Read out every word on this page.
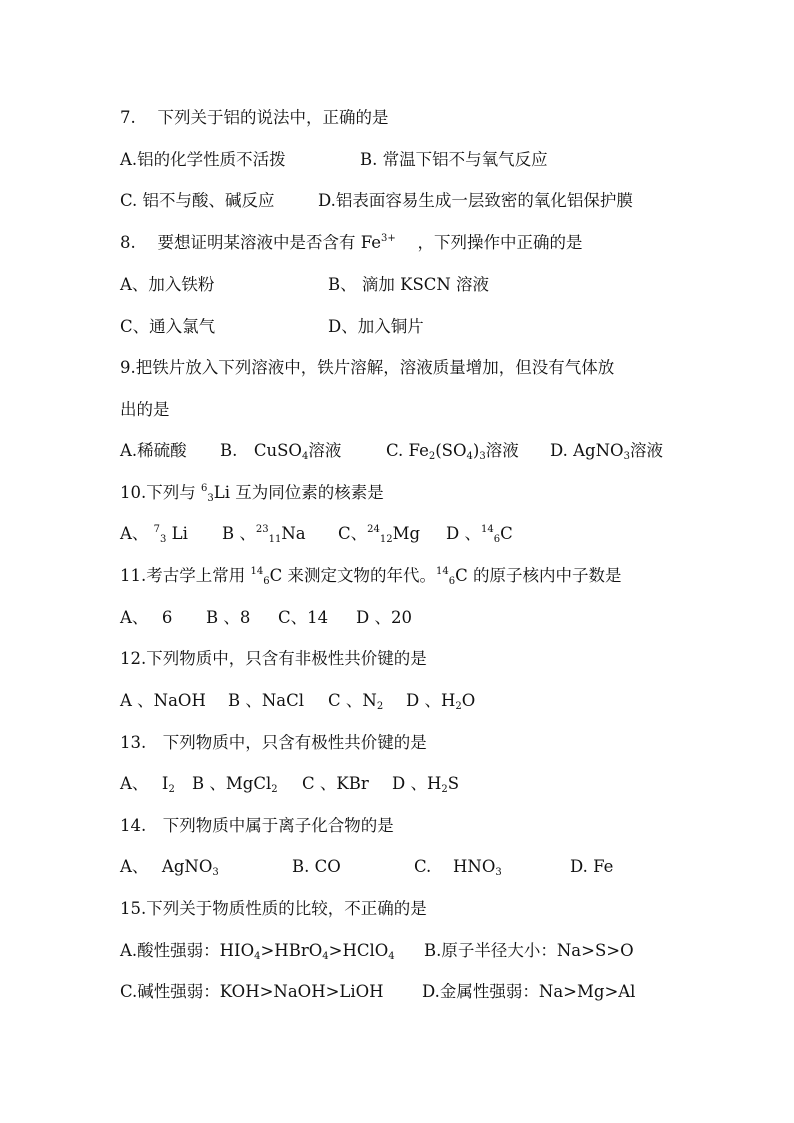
7.　 下列关于铝的说法中，正确的是
A.铝的化学性质不活拨	B. 常温下铝不与氧气反应
C. 铝不与酸、碱反应	D.铝表面容易生成一层致密的氧化铝保护膜
8.　 要想证明某溶液中是否含有 $Fe^{3+}$ 　，下列操作中正确的是
A、加入铁粉	B、 滴加 KSCN 溶液
C、通入氯气	D、加入铜片
9.把铁片放入下列溶液中，铁片溶解，溶液质量增加，但没有气体放
出的是
A.稀硫酸 B.　CuSO$_4$溶液	C. $Fe_2(SO_4)_3$溶液 D. AgNO$_3$溶液
10.下列与 $^6_3$Li 互为同位素的核素是
A、 $^7_3$ Li B 、$^{23}_{11}$Na C、$^{24}_{12}$Mg D 、$^{14}_6$C
11.考古学上常用 $^{14}_6$C 来测定文物的年代。$^{14}_6$C 的原子核内中子数是
A、　 6 B 、8 C、14 D 、20
12.下列物质中，只含有非极性共价键的是
A 、NaOH B 、NaCl C 、$N_2$ D 、$H_2O$
13.　下列物质中，只含有极性共价键的是
A、　 $I_2$ B 、MgCl$_2$ C 、KBr D 、$H_2S$
14.　下列物质中属于离子化合物的是
A、　 AgNO$_3$	B. CO	C.　 $HNO_3$	D. Fe
15.下列关于物质性质的比较，不正确的是
A.酸性强弱：$HIO_4>HBrO_4>HClO_4$ B.原子半径大小：Na>S>O
C.碱性强弱：KOH>NaOH>LiOH D.金属性强弱：Na>Mg>Al
